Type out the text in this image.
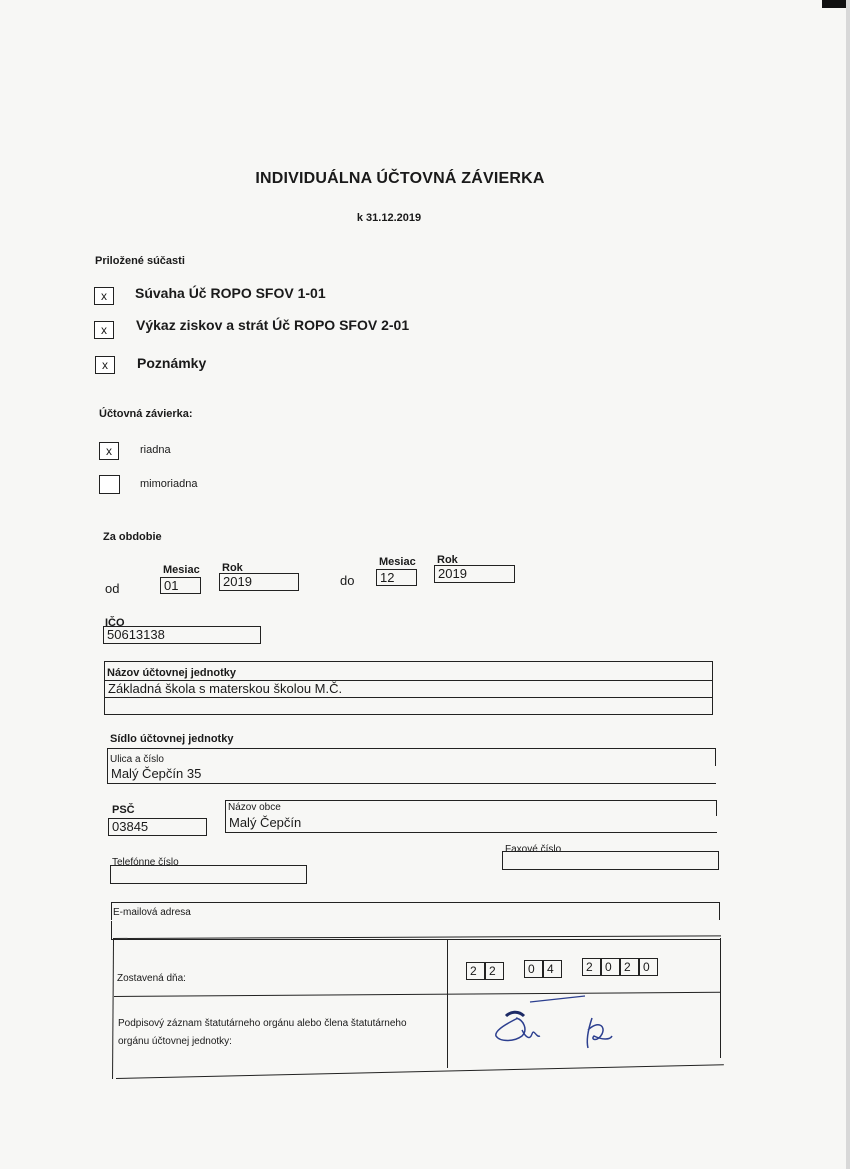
INDIVIDUÁLNA ÚČTOVNÁ ZÁVIERKA
k 31.12.2019
Priložené súčasti
x	Súvaha Úč ROPO SFOV 1-01
x	Výkaz ziskov a strát Úč ROPO SFOV 2-01
x	Poznámky
Účtovná závierka:
x	riadna
mimoriadna
Za obdobie
Mesiac Rok
od	01	2019
Mesiac Rok
do	12	2019
IČO
50613138
Názov účtovnej jednotky
Základná škola s materskou školou M.Č.
Sídlo účtovnej jednotky
Ulica a číslo
Malý Čepčín 35
PSČ
03845
Názov obce
Malý Čepčín
Telefónne číslo
Faxové číslo
E-mailová adresa
Zostavená dňa:
2	2	0	4	2	0	2	0
Podpisový záznam štatutárneho orgánu alebo člena štatutárneho
orgánu účtovnej jednotky:
